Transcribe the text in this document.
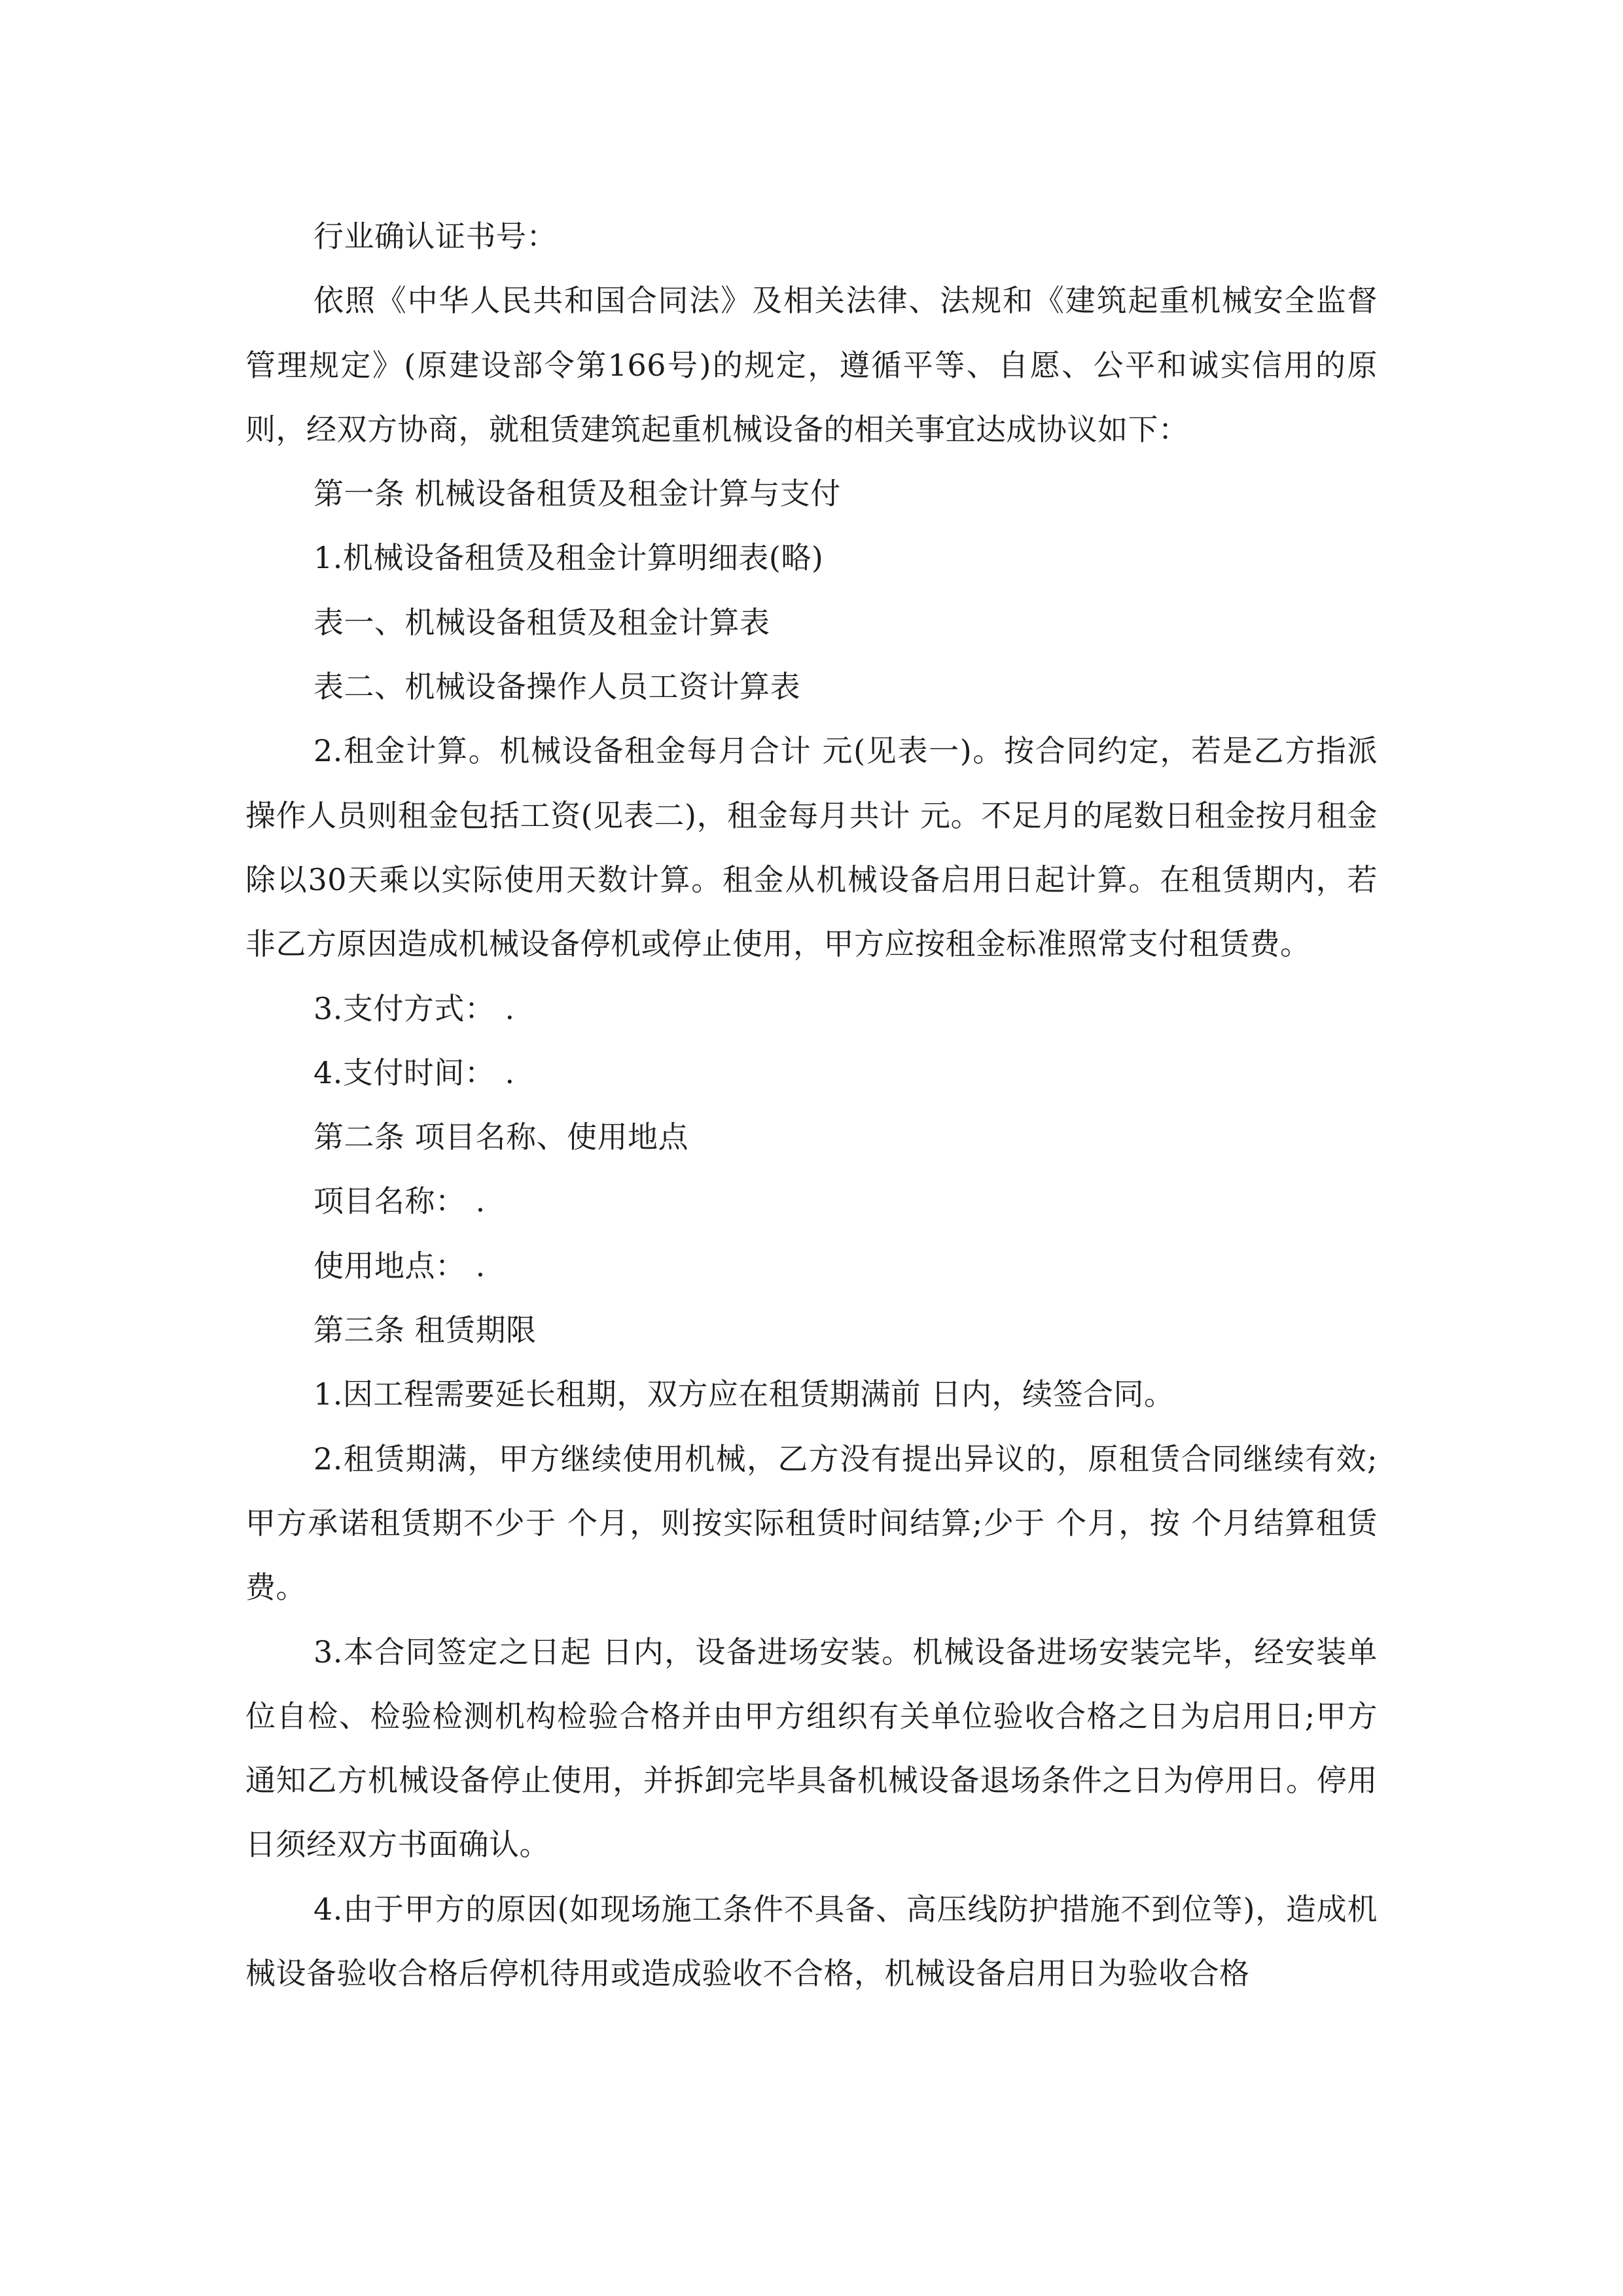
行业确认证书号：

依照《中华人民共和国合同法》及相关法律、法规和《建筑起重机械安全监督管理规定》(原建设部令第166号)的规定，遵循平等、自愿、公平和诚实信用的原则，经双方协商，就租赁建筑起重机械设备的相关事宜达成协议如下：

第一条 机械设备租赁及租金计算与支付

1.机械设备租赁及租金计算明细表(略)

表一、机械设备租赁及租金计算表

表二、机械设备操作人员工资计算表

2.租金计算。机械设备租金每月合计 元(见表一)。按合同约定，若是乙方指派操作人员则租金包括工资(见表二)，租金每月共计 元。不足月的尾数日租金按月租金除以30天乘以实际使用天数计算。租金从机械设备启用日起计算。在租赁期内，若非乙方原因造成机械设备停机或停止使用，甲方应按租金标准照常支付租赁费。

3.支付方式： .

4.支付时间： .

第二条 项目名称、使用地点

项目名称： .

使用地点： .

第三条 租赁期限

1.因工程需要延长租期，双方应在租赁期满前 日内，续签合同。

2.租赁期满，甲方继续使用机械，乙方没有提出异议的，原租赁合同继续有效;甲方承诺租赁期不少于 个月，则按实际租赁时间结算;少于 个月，按 个月结算租赁费。

3.本合同签定之日起 日内，设备进场安装。机械设备进场安装完毕，经安装单位自检、检验检测机构检验合格并由甲方组织有关单位验收合格之日为启用日;甲方通知乙方机械设备停止使用，并拆卸完毕具备机械设备退场条件之日为停用日。停用日须经双方书面确认。

4.由于甲方的原因(如现场施工条件不具备、高压线防护措施不到位等)，造成机械设备验收合格后停机待用或造成验收不合格，机械设备启用日为验收合格
